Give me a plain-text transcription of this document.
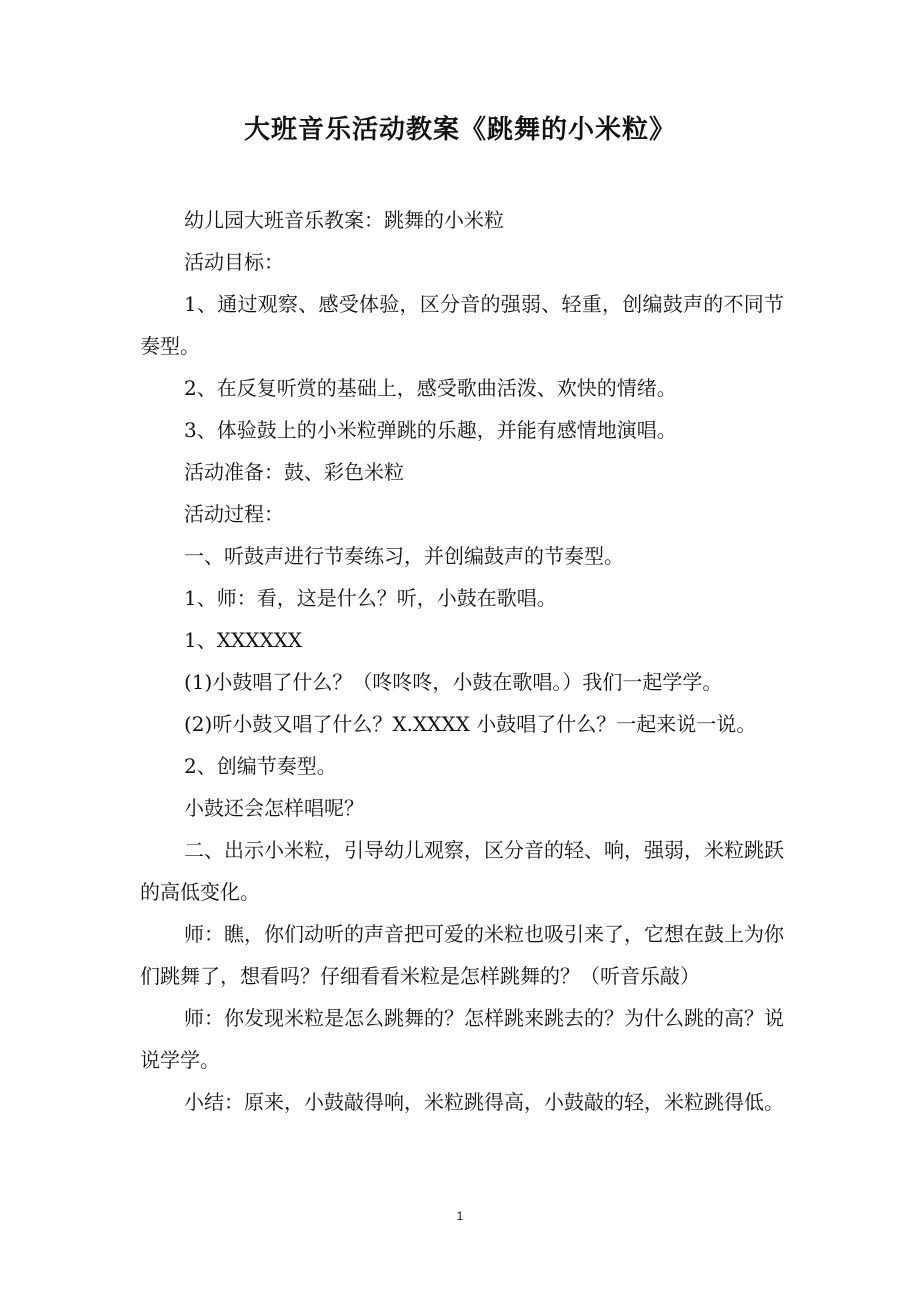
大班音乐活动教案《跳舞的小米粒》

幼儿园大班音乐教案：跳舞的小米粒

活动目标：

1、通过观察、感受体验，区分音的强弱、轻重，创编鼓声的不同节奏型。

2、在反复听赏的基础上，感受歌曲活泼、欢快的情绪。

3、体验鼓上的小米粒弹跳的乐趣，并能有感情地演唱。

活动准备：鼓、彩色米粒

活动过程：

一、听鼓声进行节奏练习，并创编鼓声的节奏型。

1、师：看，这是什么？听，小鼓在歌唱。

1、XXXXXX

(1)小鼓唱了什么？（咚咚咚，小鼓在歌唱。）我们一起学学。

(2)听小鼓又唱了什么？X.XXXX 小鼓唱了什么？一起来说一说。

2、创编节奏型。

小鼓还会怎样唱呢？

二、出示小米粒，引导幼儿观察，区分音的轻、响，强弱，米粒跳跃的高低变化。

师：瞧，你们动听的声音把可爱的米粒也吸引来了，它想在鼓上为你们跳舞了，想看吗？仔细看看米粒是怎样跳舞的？（听音乐敲）

师：你发现米粒是怎么跳舞的？怎样跳来跳去的？为什么跳的高？说说学学。

小结：原来，小鼓敲得响，米粒跳得高，小鼓敲的轻，米粒跳得低。

1
